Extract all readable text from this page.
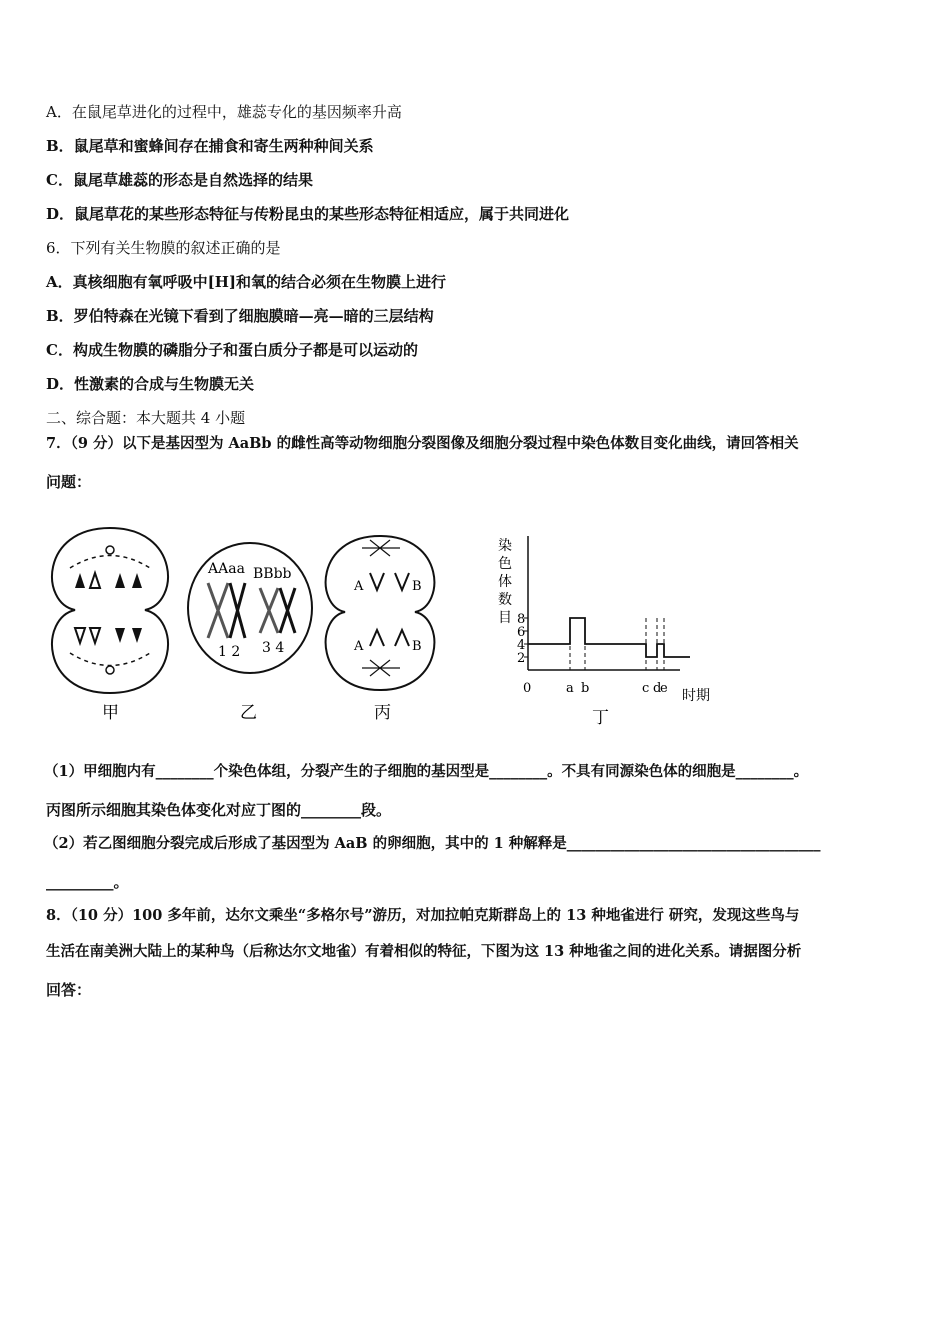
A．在鼠尾草进化的过程中，雄蕊专化的基因频率升高
B．鼠尾草和蜜蜂间存在捕食和寄生两种种间关系
C．鼠尾草雄蕊的形态是自然选择的结果
D．鼠尾草花的某些形态特征与传粉昆虫的某些形态特征相适应，属于共同进化
6．下列有关生物膜的叙述正确的是
A．真核细胞有氧呼吸中[H]和氧的结合必须在生物膜上进行
B．罗伯特森在光镜下看到了细胞膜暗—亮—暗的三层结构
C．构成生物膜的磷脂分子和蛋白质分子都是可以运动的
D．性激素的合成与生物膜无关
二、综合题：本大题共 4 小题
7．（9 分）以下是基因型为 AaBb 的雌性高等动物细胞分裂图像及细胞分裂过程中染色体数目变化曲线，请回答相关
问题：
甲
AAaa BBbb
1 2 3 4
乙
A	B
A	B
丙
染
色
体
数
目
2
4
6
8
a b	c d
e
0	时期
丁
（1）甲细胞内有________个染色体组，分裂产生的子细胞的基因型是________。不具有同源染色体的细胞是________。
丙图所示细胞其染色体变化对应丁图的________段。
（2）若乙图细胞分裂完成后形成了基因型为 AaB 的卵细胞，其中的 1 种解释是___________________________________
_________。
8．（10 分）100 多年前，达尔文乘坐“多格尔号”游历，对加拉帕克斯群岛上的 13 种地雀进行 研究，发现这些鸟与
生活在南美洲大陆上的某种鸟（后称达尔文地雀）有着相似的特征，下图为这 13 种地雀之间的进化关系。请据图分析
回答：
